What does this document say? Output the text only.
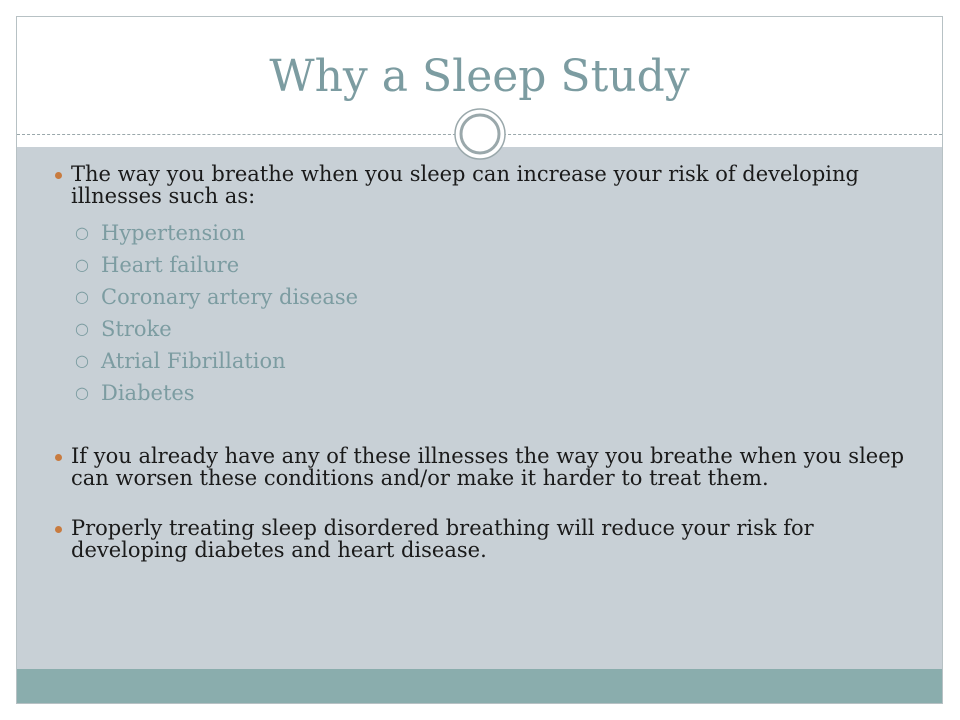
Why a Sleep Study
The way you breathe when you sleep can increase your risk of developing illnesses such as:
○ Hypertension
○ Heart failure
○ Coronary artery disease
○ Stroke
○ Atrial Fibrillation
○ Diabetes
If you already have any of these illnesses the way you breathe when you sleep can worsen these conditions and/or make it harder to treat them.
Properly treating sleep disordered breathing will reduce your risk for developing diabetes and heart disease.
